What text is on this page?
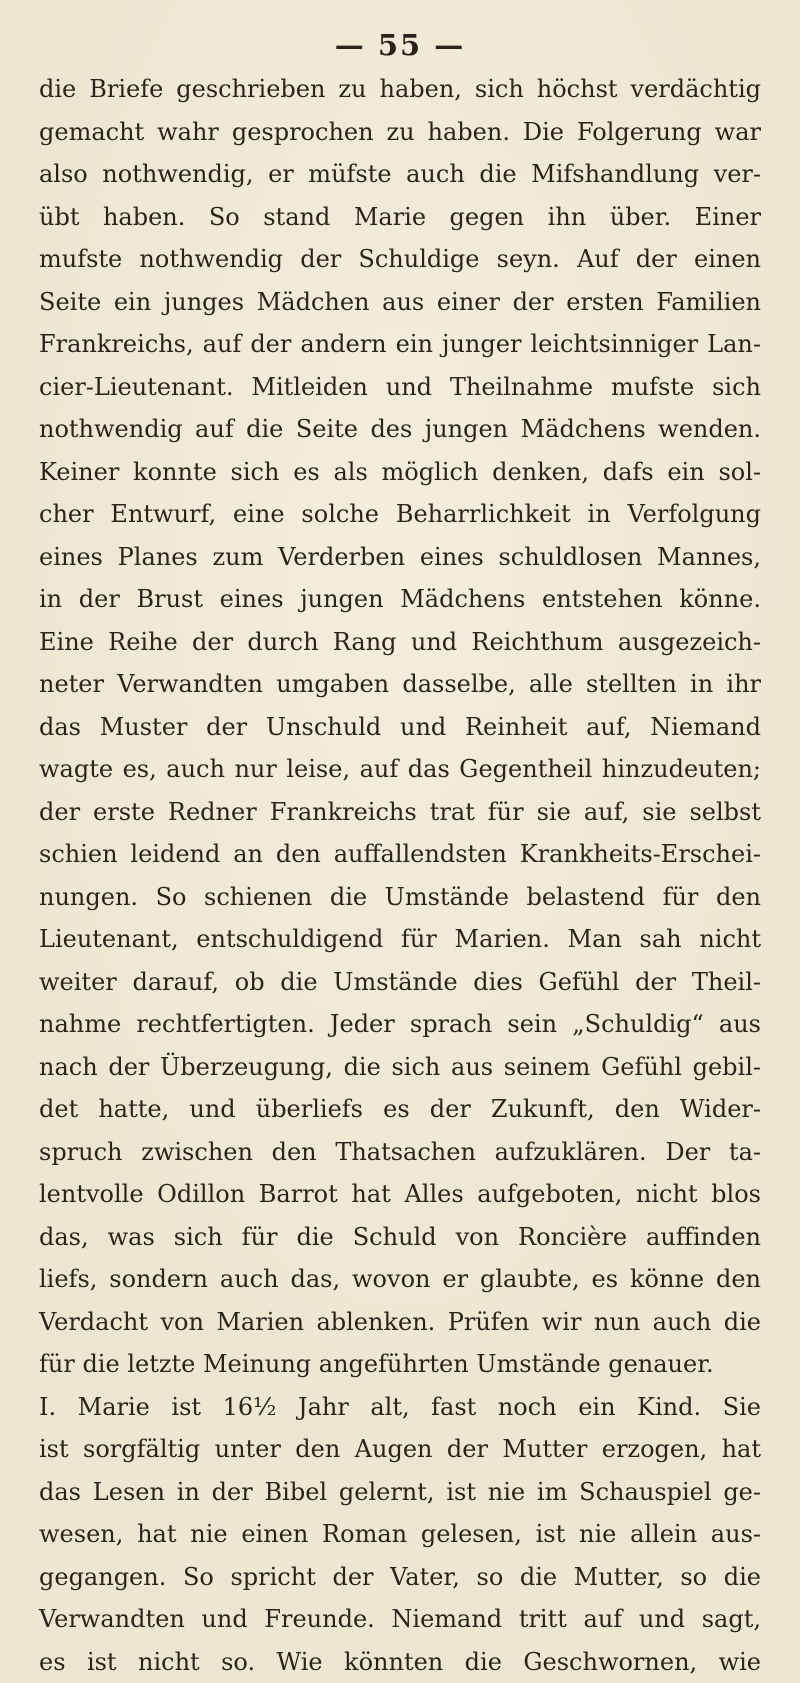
— 55 —
die Briefe geschrieben zu haben, sich höchst verdächtig
gemacht wahr gesprochen zu haben. Die Folgerung war
also nothwendig, er müfste auch die Mifshandlung ver-
übt haben. So stand Marie gegen ihn über. Einer
mufste nothwendig der Schuldige seyn. Auf der einen
Seite ein junges Mädchen aus einer der ersten Familien
Frankreichs, auf der andern ein junger leichtsinniger Lan-
cier-Lieutenant. Mitleiden und Theilnahme mufste sich
nothwendig auf die Seite des jungen Mädchens wenden.
Keiner konnte sich es als möglich denken, dafs ein sol-
cher Entwurf, eine solche Beharrlichkeit in Verfolgung
eines Planes zum Verderben eines schuldlosen Mannes,
in der Brust eines jungen Mädchens entstehen könne.
Eine Reihe der durch Rang und Reichthum ausgezeich-
neter Verwandten umgaben dasselbe, alle stellten in ihr
das Muster der Unschuld und Reinheit auf, Niemand
wagte es, auch nur leise, auf das Gegentheil hinzudeuten;
der erste Redner Frankreichs trat für sie auf, sie selbst
schien leidend an den auffallendsten Krankheits-Erschei-
nungen. So schienen die Umstände belastend für den
Lieutenant, entschuldigend für Marien. Man sah nicht
weiter darauf, ob die Umstände dies Gefühl der Theil-
nahme rechtfertigten. Jeder sprach sein „Schuldig“ aus
nach der Überzeugung, die sich aus seinem Gefühl gebil-
det hatte, und überliefs es der Zukunft, den Wider-
spruch zwischen den Thatsachen aufzuklären. Der ta-
lentvolle Odillon Barrot hat Alles aufgeboten, nicht blos
das, was sich für die Schuld von Roncière auffinden
liefs, sondern auch das, wovon er glaubte, es könne den
Verdacht von Marien ablenken. Prüfen wir nun auch die
für die letzte Meinung angeführten Umstände genauer.
I. Marie ist 16½ Jahr alt, fast noch ein Kind. Sie
ist sorgfältig unter den Augen der Mutter erzogen, hat
das Lesen in der Bibel gelernt, ist nie im Schauspiel ge-
wesen, hat nie einen Roman gelesen, ist nie allein aus-
gegangen. So spricht der Vater, so die Mutter, so die
Verwandten und Freunde. Niemand tritt auf und sagt,
es ist nicht so. Wie könnten die Geschwornen, wie
